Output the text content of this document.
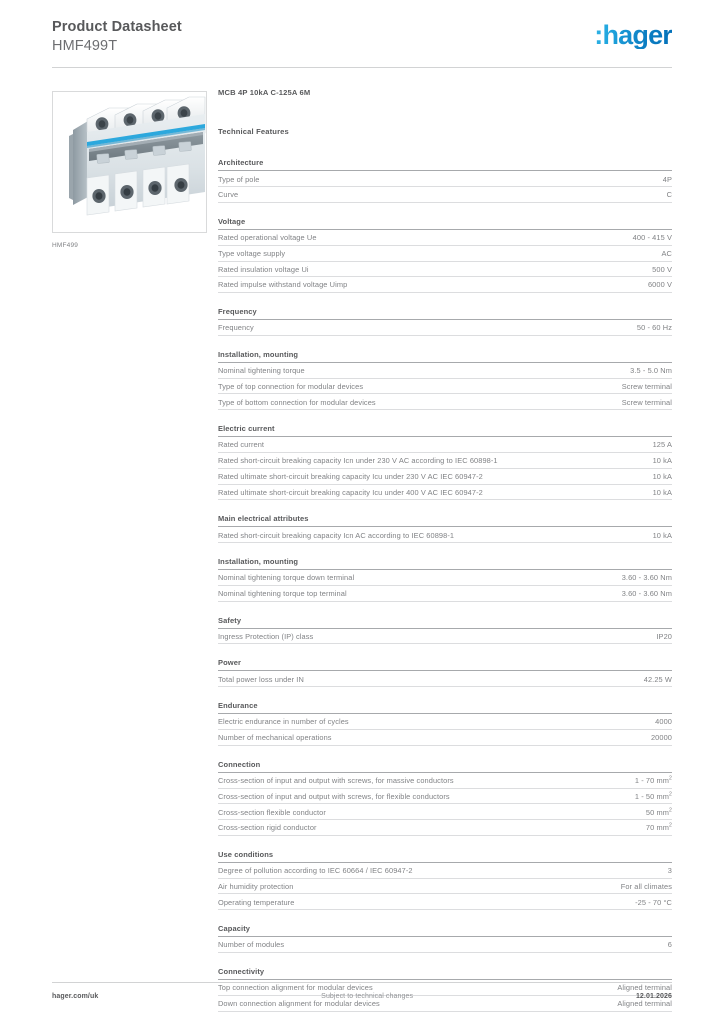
Product Datasheet
HMF499T	:hager
HMF499
MCB 4P 10kA C-125A 6M
Technical Features
Architecture
Type of pole	4P
Curve	C
Voltage
Rated operational voltage Ue	400 - 415 V
Type voltage supply	AC
Rated insulation voltage Ui	500 V
Rated impulse withstand voltage Uimp	6000 V
Frequency
Frequency	50 - 60 Hz
Installation, mounting
Nominal tightening torque	3.5 - 5.0 Nm
Type of top connection for modular devices	Screw terminal
Type of bottom connection for modular devices	Screw terminal
Electric current
Rated current	125 A
Rated short-circuit breaking capacity Icn under 230 V AC according to IEC 60898-1	10 kA
Rated ultimate short-circuit breaking capacity Icu under 230 V AC IEC 60947-2	10 kA
Rated ultimate short-circuit breaking capacity Icu under 400 V AC IEC 60947-2	10 kA
Main electrical attributes
Rated short-circuit breaking capacity Icn AC according to IEC 60898-1	10 kA
Installation, mounting
Nominal tightening torque down terminal	3.60 - 3.60 Nm
Nominal tightening torque top terminal	3.60 - 3.60 Nm
Safety
Ingress Protection (IP) class	IP20
Power
Total power loss under IN	42.25 W
Endurance
Electric endurance in number of cycles	4000
Number of mechanical operations	20000
Connection
Cross-section of input and output with screws, for massive conductors	1 - 70 $mm^2$
Cross-section of input and output with screws, for flexible conductors	1 - 50 $mm^2$
Cross-section flexible conductor	50 $mm^2$
Cross-section rigid conductor	70 $mm^2$
Use conditions
Degree of pollution according to IEC 60664 / IEC 60947-2	3
Air humidity protection	For all climates
Operating temperature	-25 - 70 °C
Capacity
Number of modules	6
Connectivity
Top connection alignment for modular devices	Aligned terminal
Down connection alignment for modular devices	Aligned terminal
hager.com/uk	Subject to technical changes	12.01.2026
